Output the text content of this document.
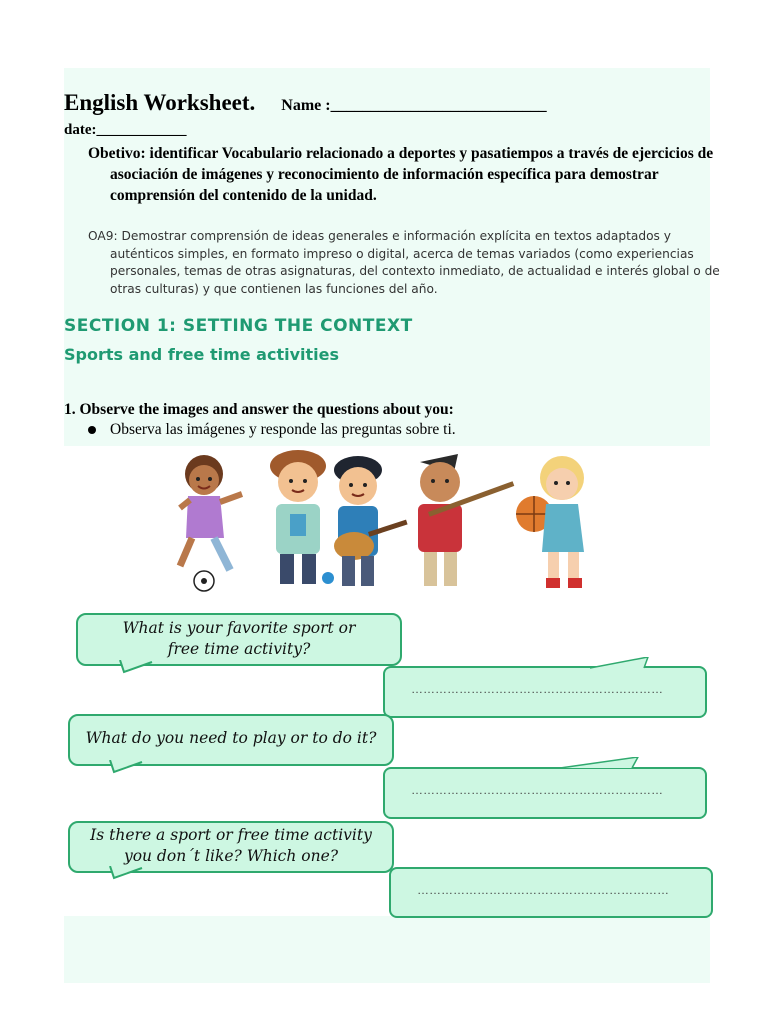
English Worksheet. Name :___________________________
date:____________
Obetivo: identificar Vocabulario relacionado a deportes y pasatiempos a través de ejercicios de asociación de imágenes y reconocimiento de información específica para demostrar comprensión del contenido de la unidad.
OA9: Demostrar comprensión de ideas generales e información explícita en textos adaptados y auténticos simples, en formato impreso o digital, acerca de temas variados (como experiencias personales, temas de otras asignaturas, del contexto inmediato, de actualidad e interés global o de otras culturas) y que contienen las funciones del año.
SECTION 1: SETTING THE CONTEXT
Sports and free time activities
1. Observe the images and answer the questions about you:
Observa las imágenes y responde las preguntas sobre ti.
What is your favorite sport or
free time activity?
………………………………………………………
What do you need to play or to do it?
………………………………………………………
Is there a sport or free time activity
you don´t like? Which one?
………………………………………………………
